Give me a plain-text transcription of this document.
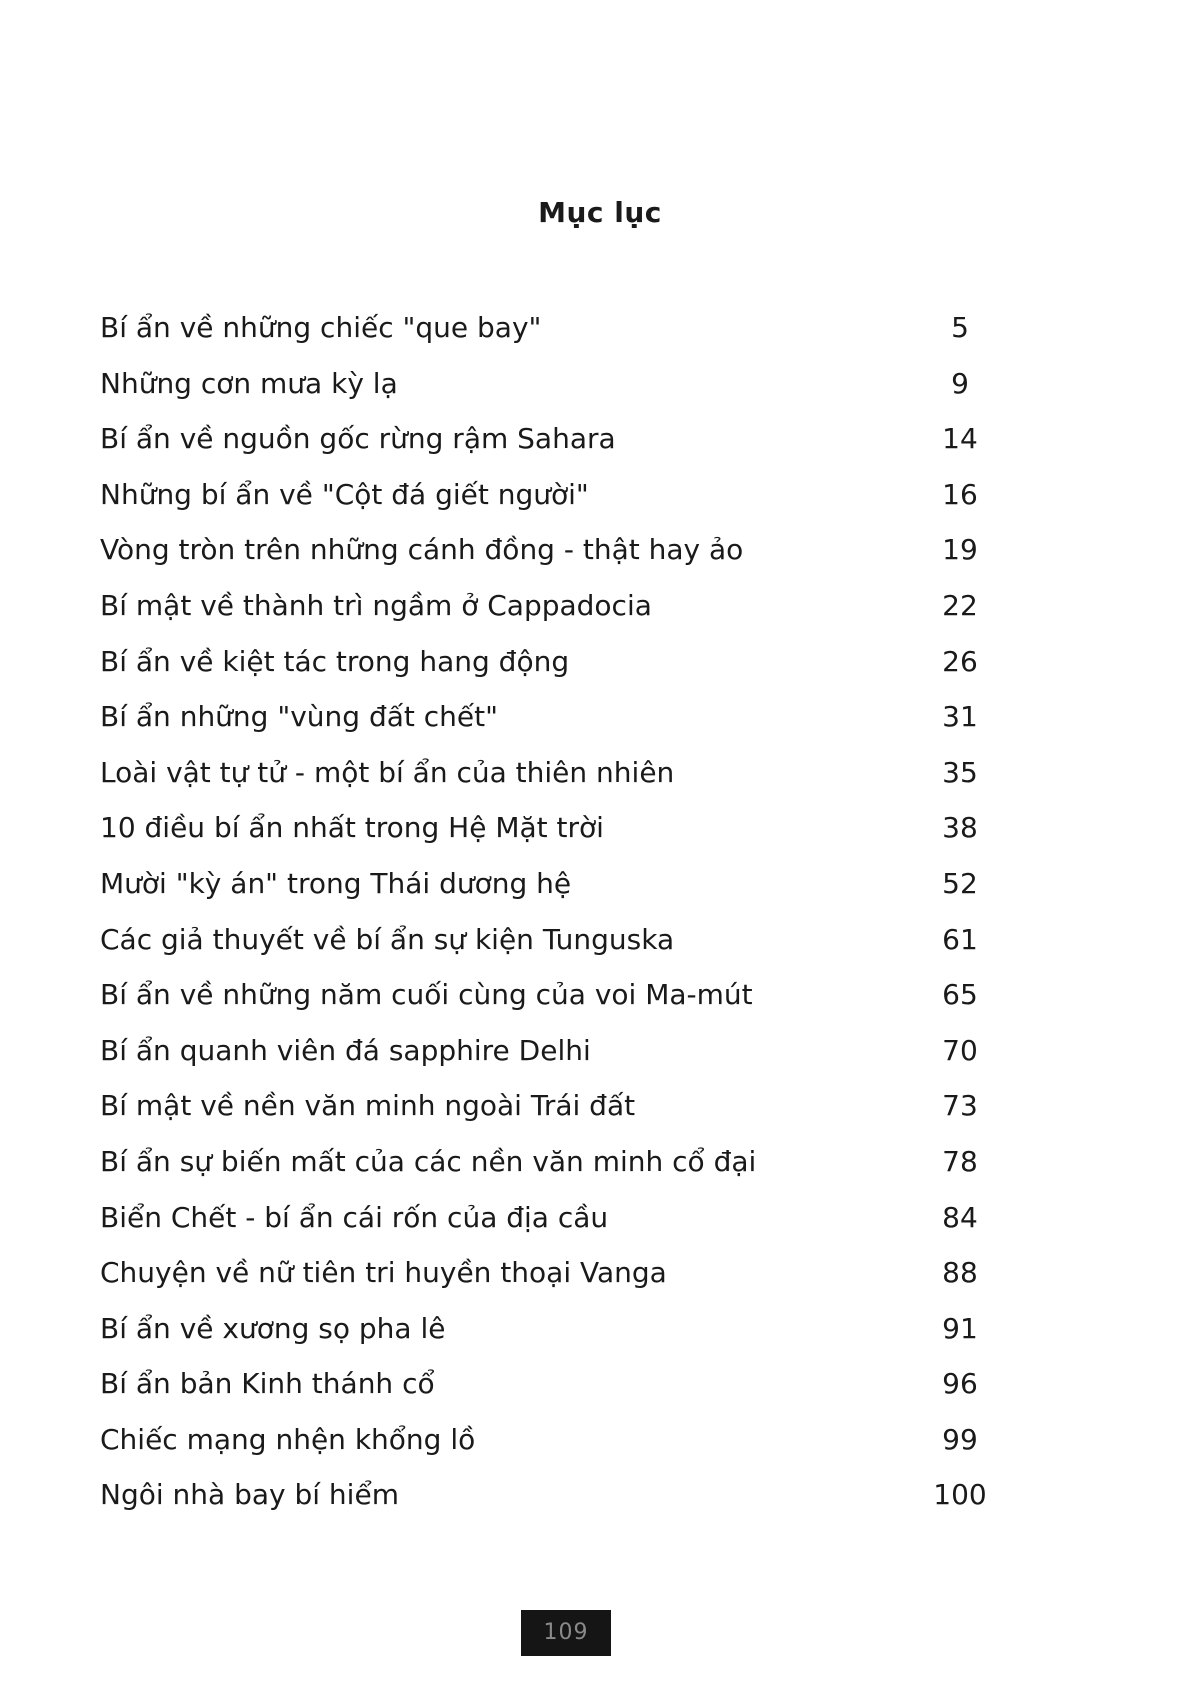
Mục lục
Bí ẩn về những chiếc "que bay"	5
Những cơn mưa kỳ lạ	9
Bí ẩn về nguồn gốc rừng rậm Sahara	14
Những bí ẩn về "Cột đá giết người"	16
Vòng tròn trên những cánh đồng - thật hay ảo	19
Bí mật về thành trì ngầm ở Cappadocia	22
Bí ẩn về kiệt tác trong hang động	26
Bí ẩn những "vùng đất chết"	31
Loài vật tự tử - một bí ẩn của thiên nhiên	35
10 điều bí ẩn nhất trong Hệ Mặt trời	38
Mười "kỳ án" trong Thái dương hệ	52
Các giả thuyết về bí ẩn sự kiện Tunguska	61
Bí ẩn về những năm cuối cùng của voi Ma-mút	65
Bí ẩn quanh viên đá sapphire Delhi	70
Bí mật về nền văn minh ngoài Trái đất	73
Bí ẩn sự biến mất của các nền văn minh cổ đại	78
Biển Chết - bí ẩn cái rốn của địa cầu	84
Chuyện về nữ tiên tri huyền thoại Vanga	88
Bí ẩn về xương sọ pha lê	91
Bí ẩn bản Kinh thánh cổ	96
Chiếc mạng nhện khổng lồ	99
Ngôi nhà bay bí hiểm	100
109
